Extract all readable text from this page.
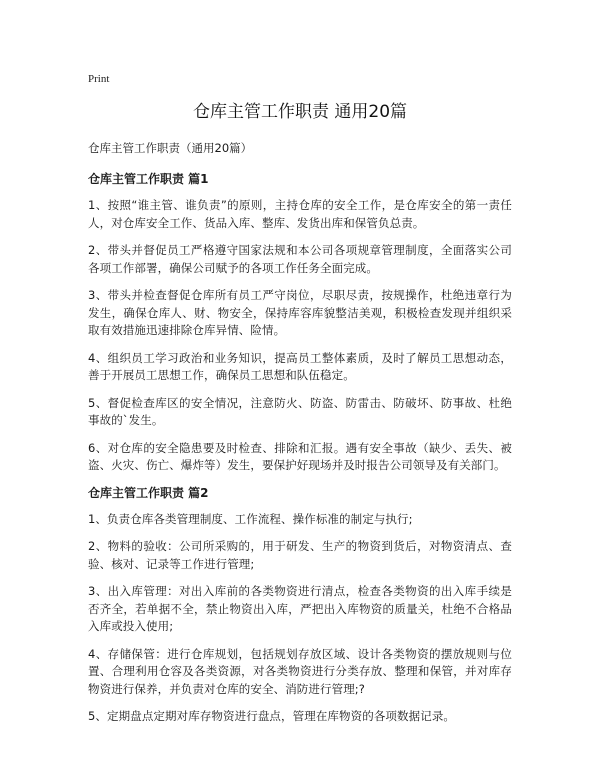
Print
仓库主管工作职责 通用20篇

仓库主管工作职责（通用20篇）

仓库主管工作职责 篇1

1、按照“谁主管、谁负责”的原则，主持仓库的安全工作，是仓库安全的第一责任人，对仓库安全工作、货品入库、整库、发货出库和保管负总责。

2、带头并督促员工严格遵守国家法规和本公司各项规章管理制度，全面落实公司各项工作部署，确保公司赋予的各项工作任务全面完成。

3、带头并检查督促仓库所有员工严守岗位，尽职尽责，按规操作，杜绝违章行为发生，确保仓库人、财、物安全，保持库容库貌整洁美观，积极检查发现并组织采取有效措施迅速排除仓库异情、险情。

4、组织员工学习政治和业务知识，提高员工整体素质，及时了解员工思想动态，善于开展员工思想工作，确保员工思想和队伍稳定。

5、督促检查库区的安全情况，注意防火、防盗、防雷击、防破坏、防事故、杜绝事故的`发生。

6、对仓库的安全隐患要及时检查、排除和汇报。遇有安全事故（缺少、丢失、被盗、火灾、伤亡、爆炸等）发生，要保护好现场并及时报告公司领导及有关部门。

仓库主管工作职责 篇2

1、负责仓库各类管理制度、工作流程、操作标准的制定与执行;

2、物料的验收：公司所采购的，用于研发、生产的物资到货后，对物资清点、查验、核对、记录等工作进行管理;

3、出入库管理：对出入库前的各类物资进行清点，检查各类物资的出入库手续是否齐全，若单据不全，禁止物资出入库，严把出入库物资的质量关，杜绝不合格品入库或投入使用;

4、存储保管：进行仓库规划，包括规划存放区域、设计各类物资的摆放规则与位置、合理利用仓容及各类资源，对各类物资进行分类存放、整理和保管，并对库存物资进行保养，并负责对仓库的安全、消防进行管理;?

5、定期盘点定期对库存物资进行盘点，管理在库物资的各项数据记录。
